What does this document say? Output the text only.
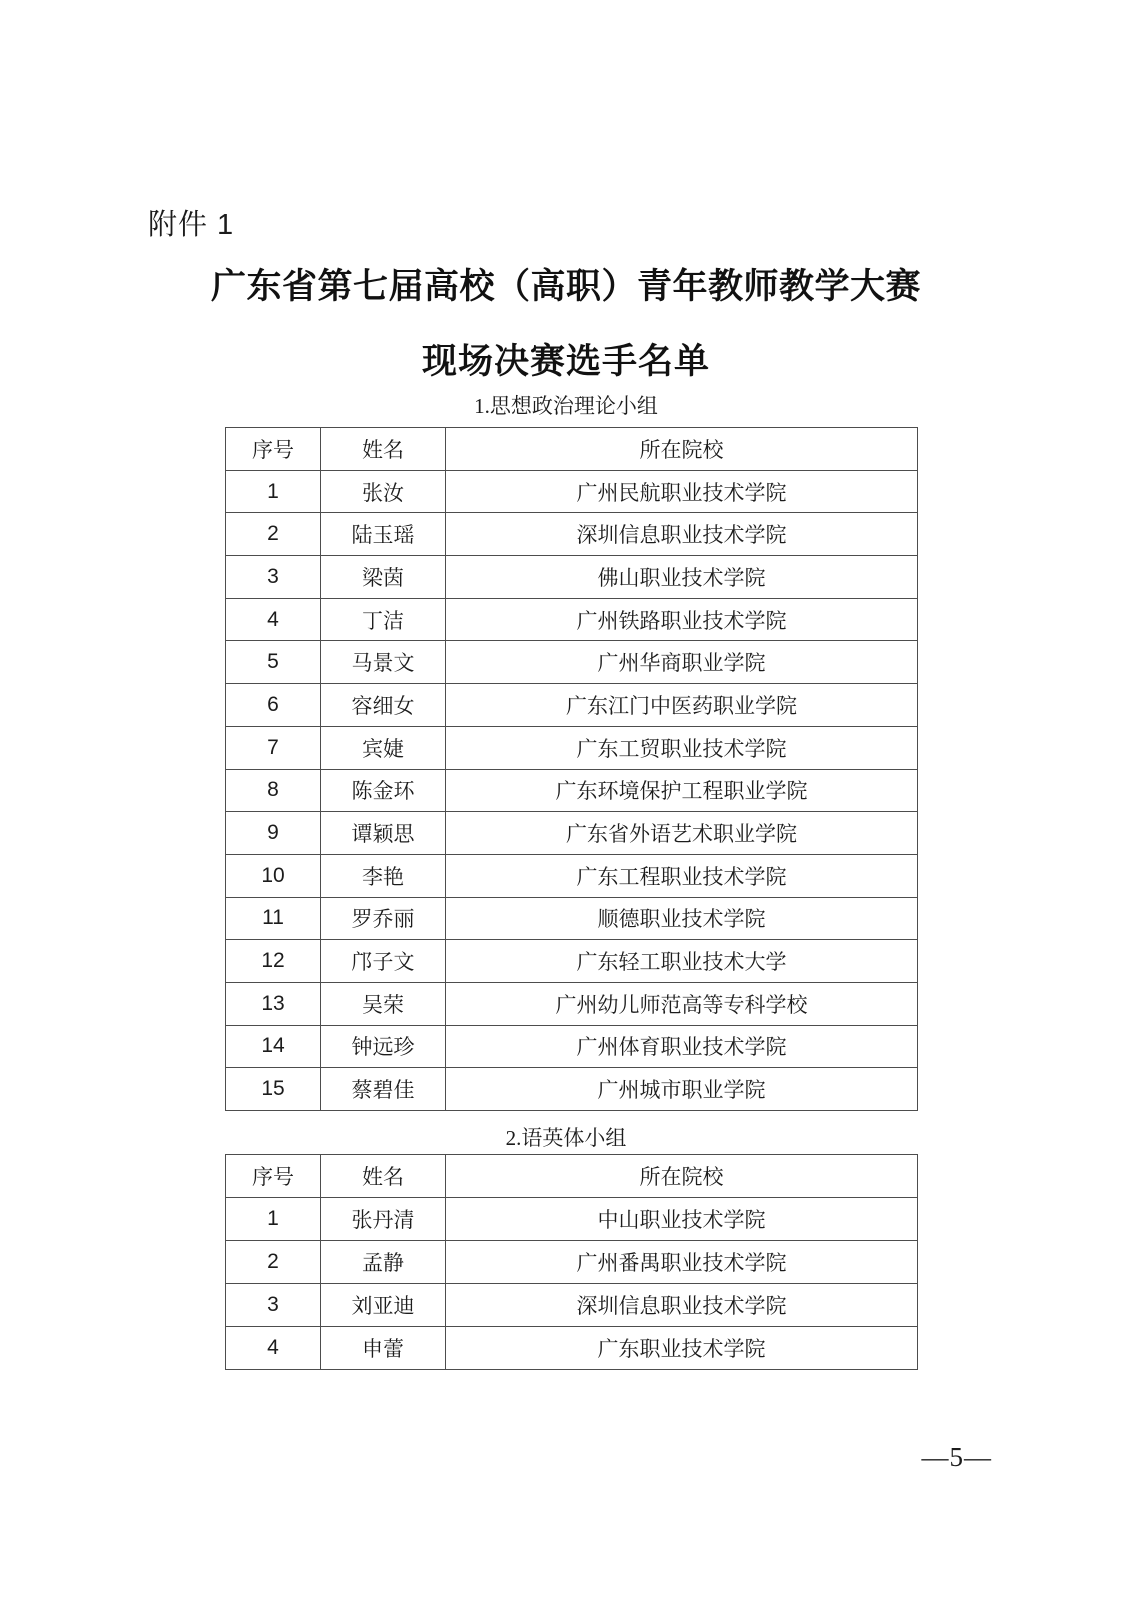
附件 1
广东省第七届高校（高职）青年教师教学大赛
现场决赛选手名单
1.思想政治理论小组
序号	姓名	所在院校
1	张汝	广州民航职业技术学院
2	陆玉瑶	深圳信息职业技术学院
3	梁茵	佛山职业技术学院
4	丁洁	广州铁路职业技术学院
5	马景文	广州华商职业学院
6	容细女	广东江门中医药职业学院
7	宾婕	广东工贸职业技术学院
8	陈金环	广东环境保护工程职业学院
9	谭颖思	广东省外语艺术职业学院
10	李艳	广东工程职业技术学院
11	罗乔丽	顺德职业技术学院
12	邝子文	广东轻工职业技术大学
13	吴荣	广州幼儿师范高等专科学校
14	钟远珍	广州体育职业技术学院
15	蔡碧佳	广州城市职业学院
2.语英体小组
序号	姓名	所在院校
1	张丹清	中山职业技术学院
2	孟静	广州番禺职业技术学院
3	刘亚迪	深圳信息职业技术学院
4	申蕾	广东职业技术学院
—5—
